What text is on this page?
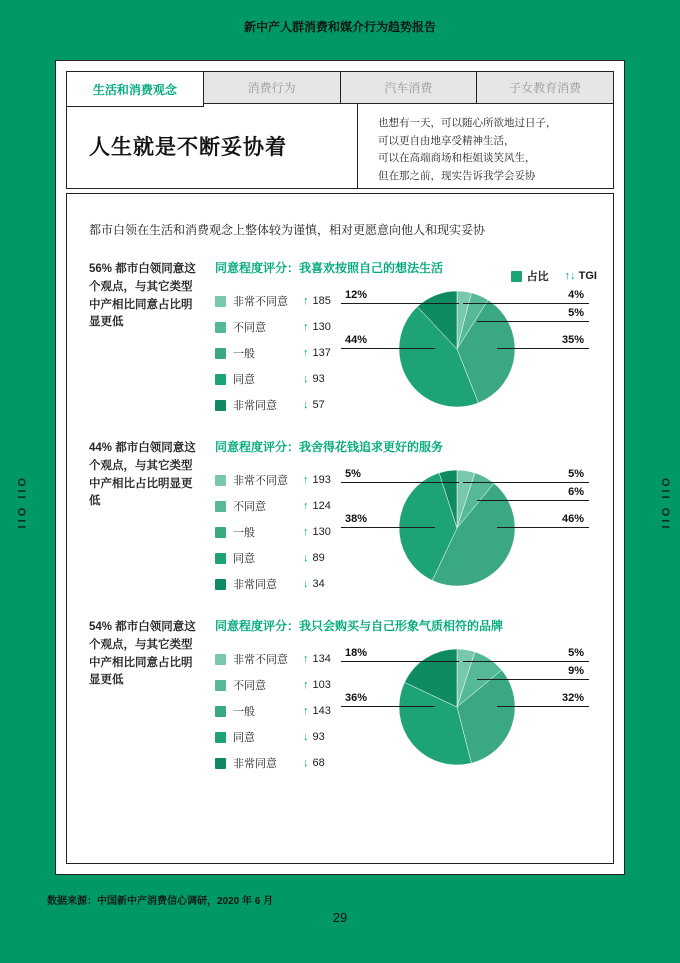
新中产人群消费和媒介行为趋势报告
OII OII	OII OII
生活和消费观念	消费行为	汽车消费	子女教育消费
人生就是不断妥协着
也想有一天，可以随心所欲地过日子，
可以更自由地享受精神生活，
可以在高端商场和柜姐谈笑风生，
但在那之前，现实告诉我学会妥协
都市白领在生活和消费观念上整体较为谨慎，相对更愿意向他人和现实妥协
占比 ↑↓ TGI
56% 都市白领同意这个观点，与其它类型中产相比同意占比明显更低
同意程度评分：我喜欢按照自己的想法生活
非常不同意	↑ 185
不同意	↑ 130
一般	↑ 137
同意	↓ 93
非常同意	↓ 57
12%
44%
4%
5%
35%
44% 都市白领同意这个观点，与其它类型中产相比占比明显更低
同意程度评分：我舍得花钱追求更好的服务
非常不同意	↑ 193
不同意	↑ 124
一般	↑ 130
同意	↓ 89
非常同意	↓ 34
5%
38%
5%
6%
46%
54% 都市白领同意这个观点，与其它类型中产相比同意占比明显更低
同意程度评分：我只会购买与自己形象气质相符的品牌
非常不同意	↑ 134
不同意	↑ 103
一般	↑ 143
同意	↓ 93
非常同意	↓ 68
18%
36%
5%
9%
32%
数据来源：中国新中产消费信心调研，2020 年 6 月
29
